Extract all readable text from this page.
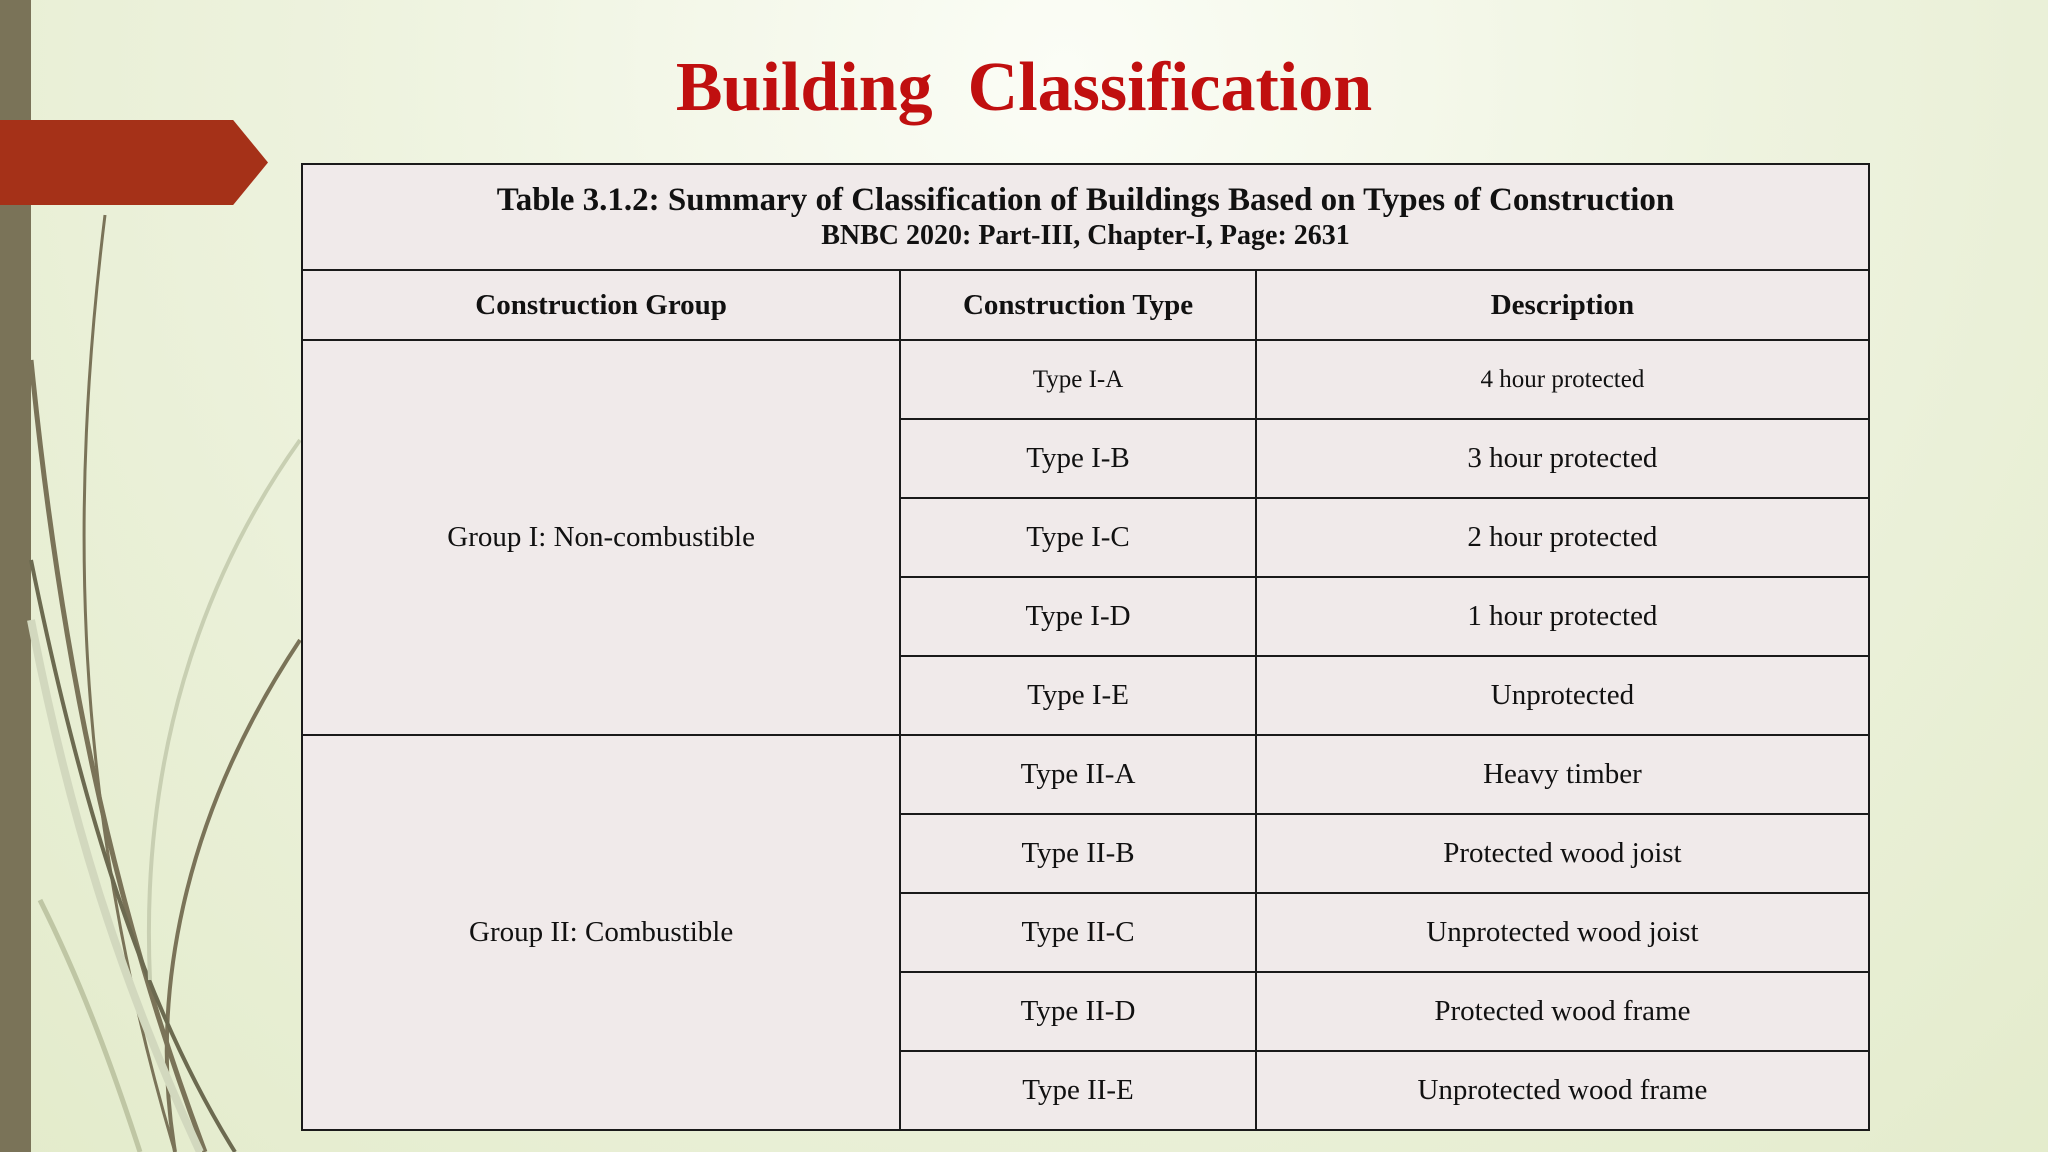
Building  Classification
Table 3.1.2: Summary of Classification of Buildings Based on Types of Construction
BNBC 2020: Part-III, Chapter-I, Page: 2631		

Construction Group	Construction Type	Description
Group I: Non-combustible	Type I-A	4 hour protected
	Type I-B	3 hour protected
	Type I-C	2 hour protected
	Type I-D	1 hour protected
	Type I-E	Unprotected
Group II: Combustible	Type II-A	Heavy timber
	Type II-B	Protected wood joist
	Type II-C	Unprotected wood joist
	Type II-D	Protected wood frame
	Type II-E	Unprotected wood frame
